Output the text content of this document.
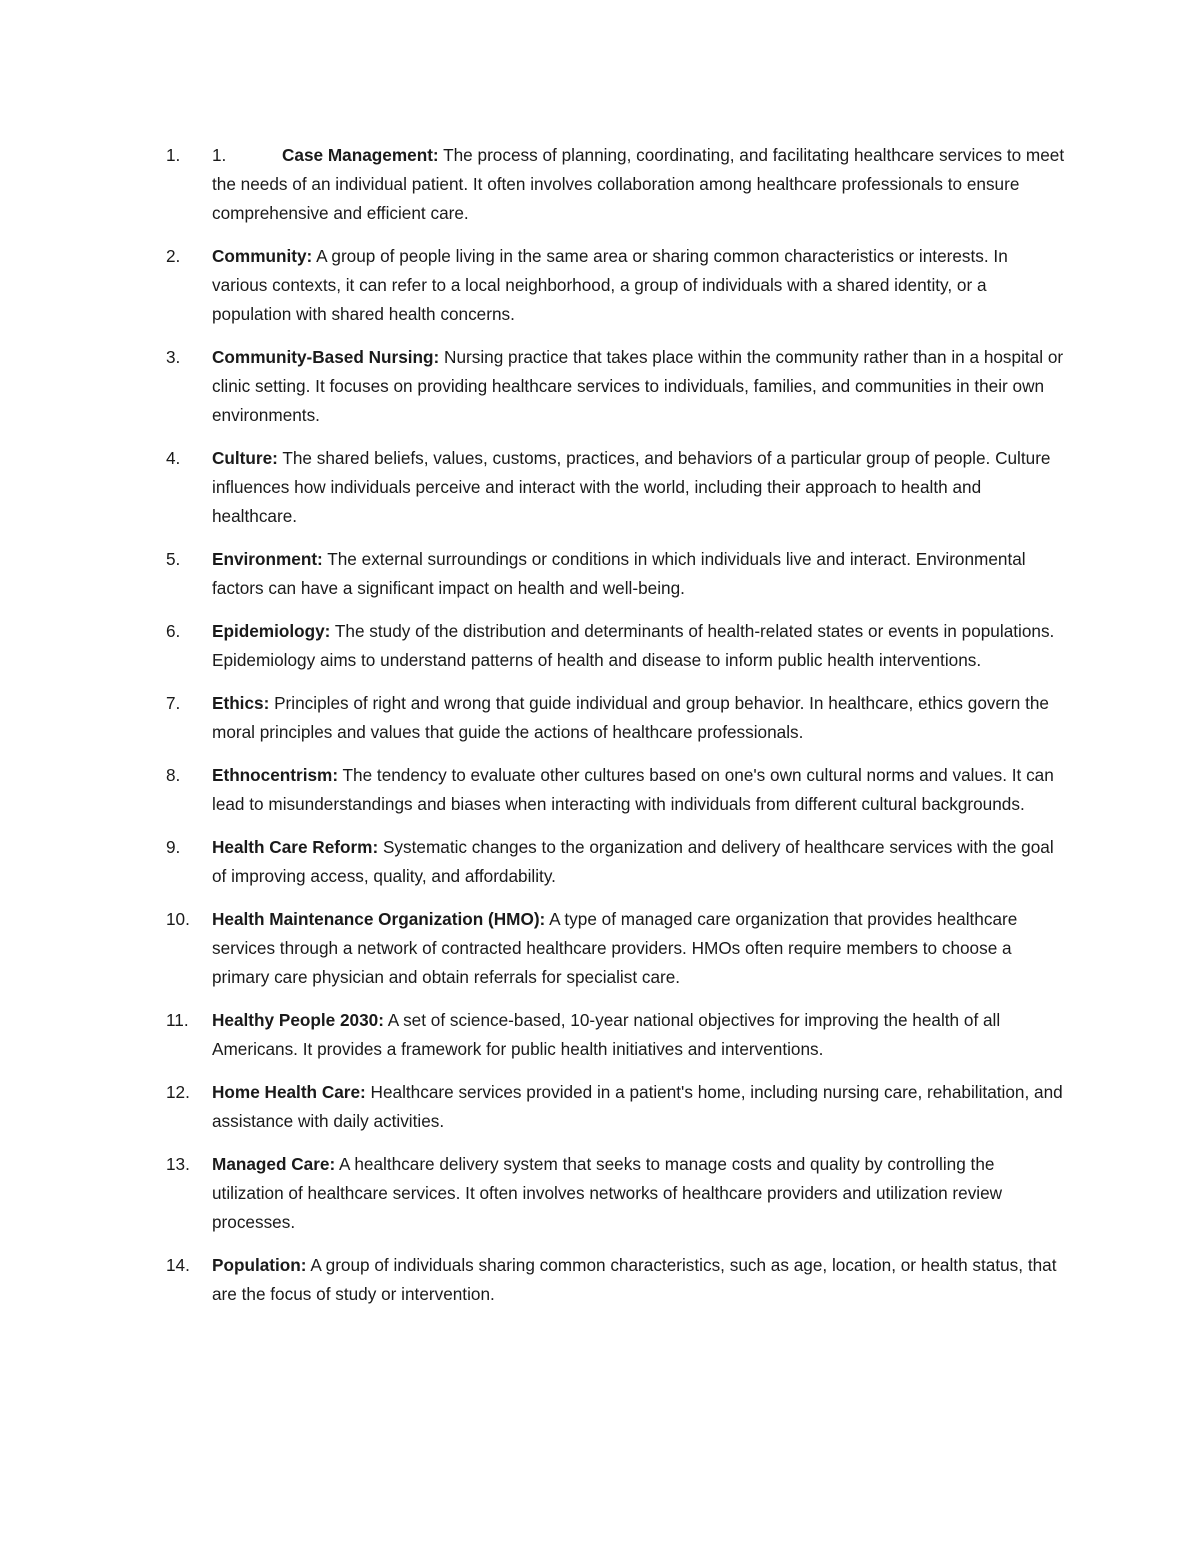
1.	1.	Case Management: The process of planning, coordinating, and facilitating healthcare services to meet the needs of an individual patient. It often involves collaboration among healthcare professionals to ensure comprehensive and efficient care.
2.	Community: A group of people living in the same area or sharing common characteristics or interests. In various contexts, it can refer to a local neighborhood, a group of individuals with a shared identity, or a population with shared health concerns.
3.	Community-Based Nursing: Nursing practice that takes place within the community rather than in a hospital or clinic setting. It focuses on providing healthcare services to individuals, families, and communities in their own environments.
4.	Culture: The shared beliefs, values, customs, practices, and behaviors of a particular group of people. Culture influences how individuals perceive and interact with the world, including their approach to health and healthcare.
5.	Environment: The external surroundings or conditions in which individuals live and interact. Environmental factors can have a significant impact on health and well-being.
6.	Epidemiology: The study of the distribution and determinants of health-related states or events in populations. Epidemiology aims to understand patterns of health and disease to inform public health interventions.
7.	Ethics: Principles of right and wrong that guide individual and group behavior. In healthcare, ethics govern the moral principles and values that guide the actions of healthcare professionals.
8.	Ethnocentrism: The tendency to evaluate other cultures based on one's own cultural norms and values. It can lead to misunderstandings and biases when interacting with individuals from different cultural backgrounds.
9.	Health Care Reform: Systematic changes to the organization and delivery of healthcare services with the goal of improving access, quality, and affordability.
10.	Health Maintenance Organization (HMO): A type of managed care organization that provides healthcare services through a network of contracted healthcare providers. HMOs often require members to choose a primary care physician and obtain referrals for specialist care.
11.	Healthy People 2030: A set of science-based, 10-year national objectives for improving the health of all Americans. It provides a framework for public health initiatives and interventions.
12.	Home Health Care: Healthcare services provided in a patient's home, including nursing care, rehabilitation, and assistance with daily activities.
13.	Managed Care: A healthcare delivery system that seeks to manage costs and quality by controlling the utilization of healthcare services. It often involves networks of healthcare providers and utilization review processes.
14.	Population: A group of individuals sharing common characteristics, such as age, location, or health status, that are the focus of study or intervention.
